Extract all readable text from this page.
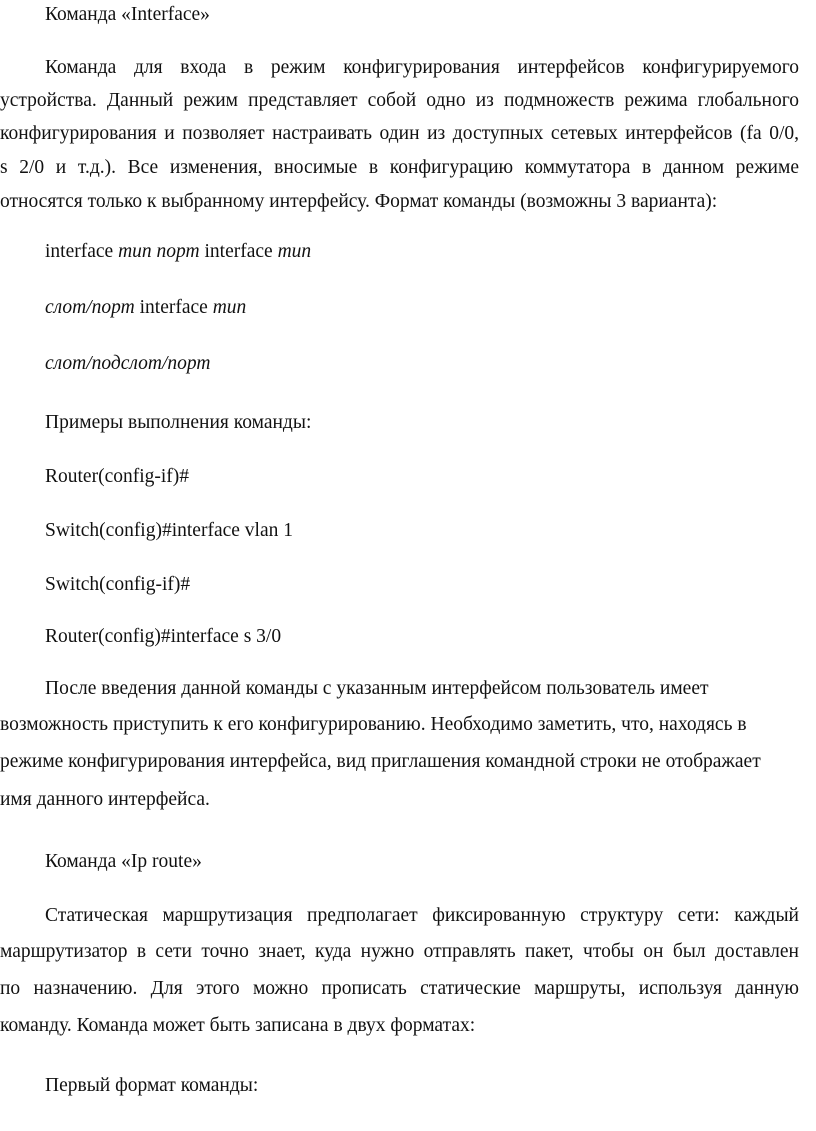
Команда «Interface»
Команда для входа в режим конфигурирования интерфейсов конфигурируемого
устройства. Данный режим представляет собой одно из подмножеств режима глобального
конфигурирования и позволяет настраивать один из доступных сетевых интерфейсов (fa 0/0,
s 2/0 и т.д.). Все изменения, вносимые в конфигурацию коммутатора в данном режиме
относятся только к выбранному интерфейсу. Формат команды (возможны 3 варианта):
interface тип порт interface тип
слот/порт interface тип
слот/подслот/порт
Примеры выполнения команды:
Router(config-if)#
Switch(config)#interface vlan 1
Switch(config-if)#
Router(config)#interface s 3/0
После введения данной команды с указанным интерфейсом пользователь имеет
возможность приступить к его конфигурированию. Необходимо заметить, что, находясь в
режиме конфигурирования интерфейса, вид приглашения командной строки не отображает
имя данного интерфейса.
Команда «Ip route»
Статическая маршрутизация предполагает фиксированную структуру сети: каждый
маршрутизатор в сети точно знает, куда нужно отправлять пакет, чтобы он был доставлен
по назначению. Для этого можно прописать статические маршруты, используя данную
команду. Команда может быть записана в двух форматах:
Первый формат команды:
